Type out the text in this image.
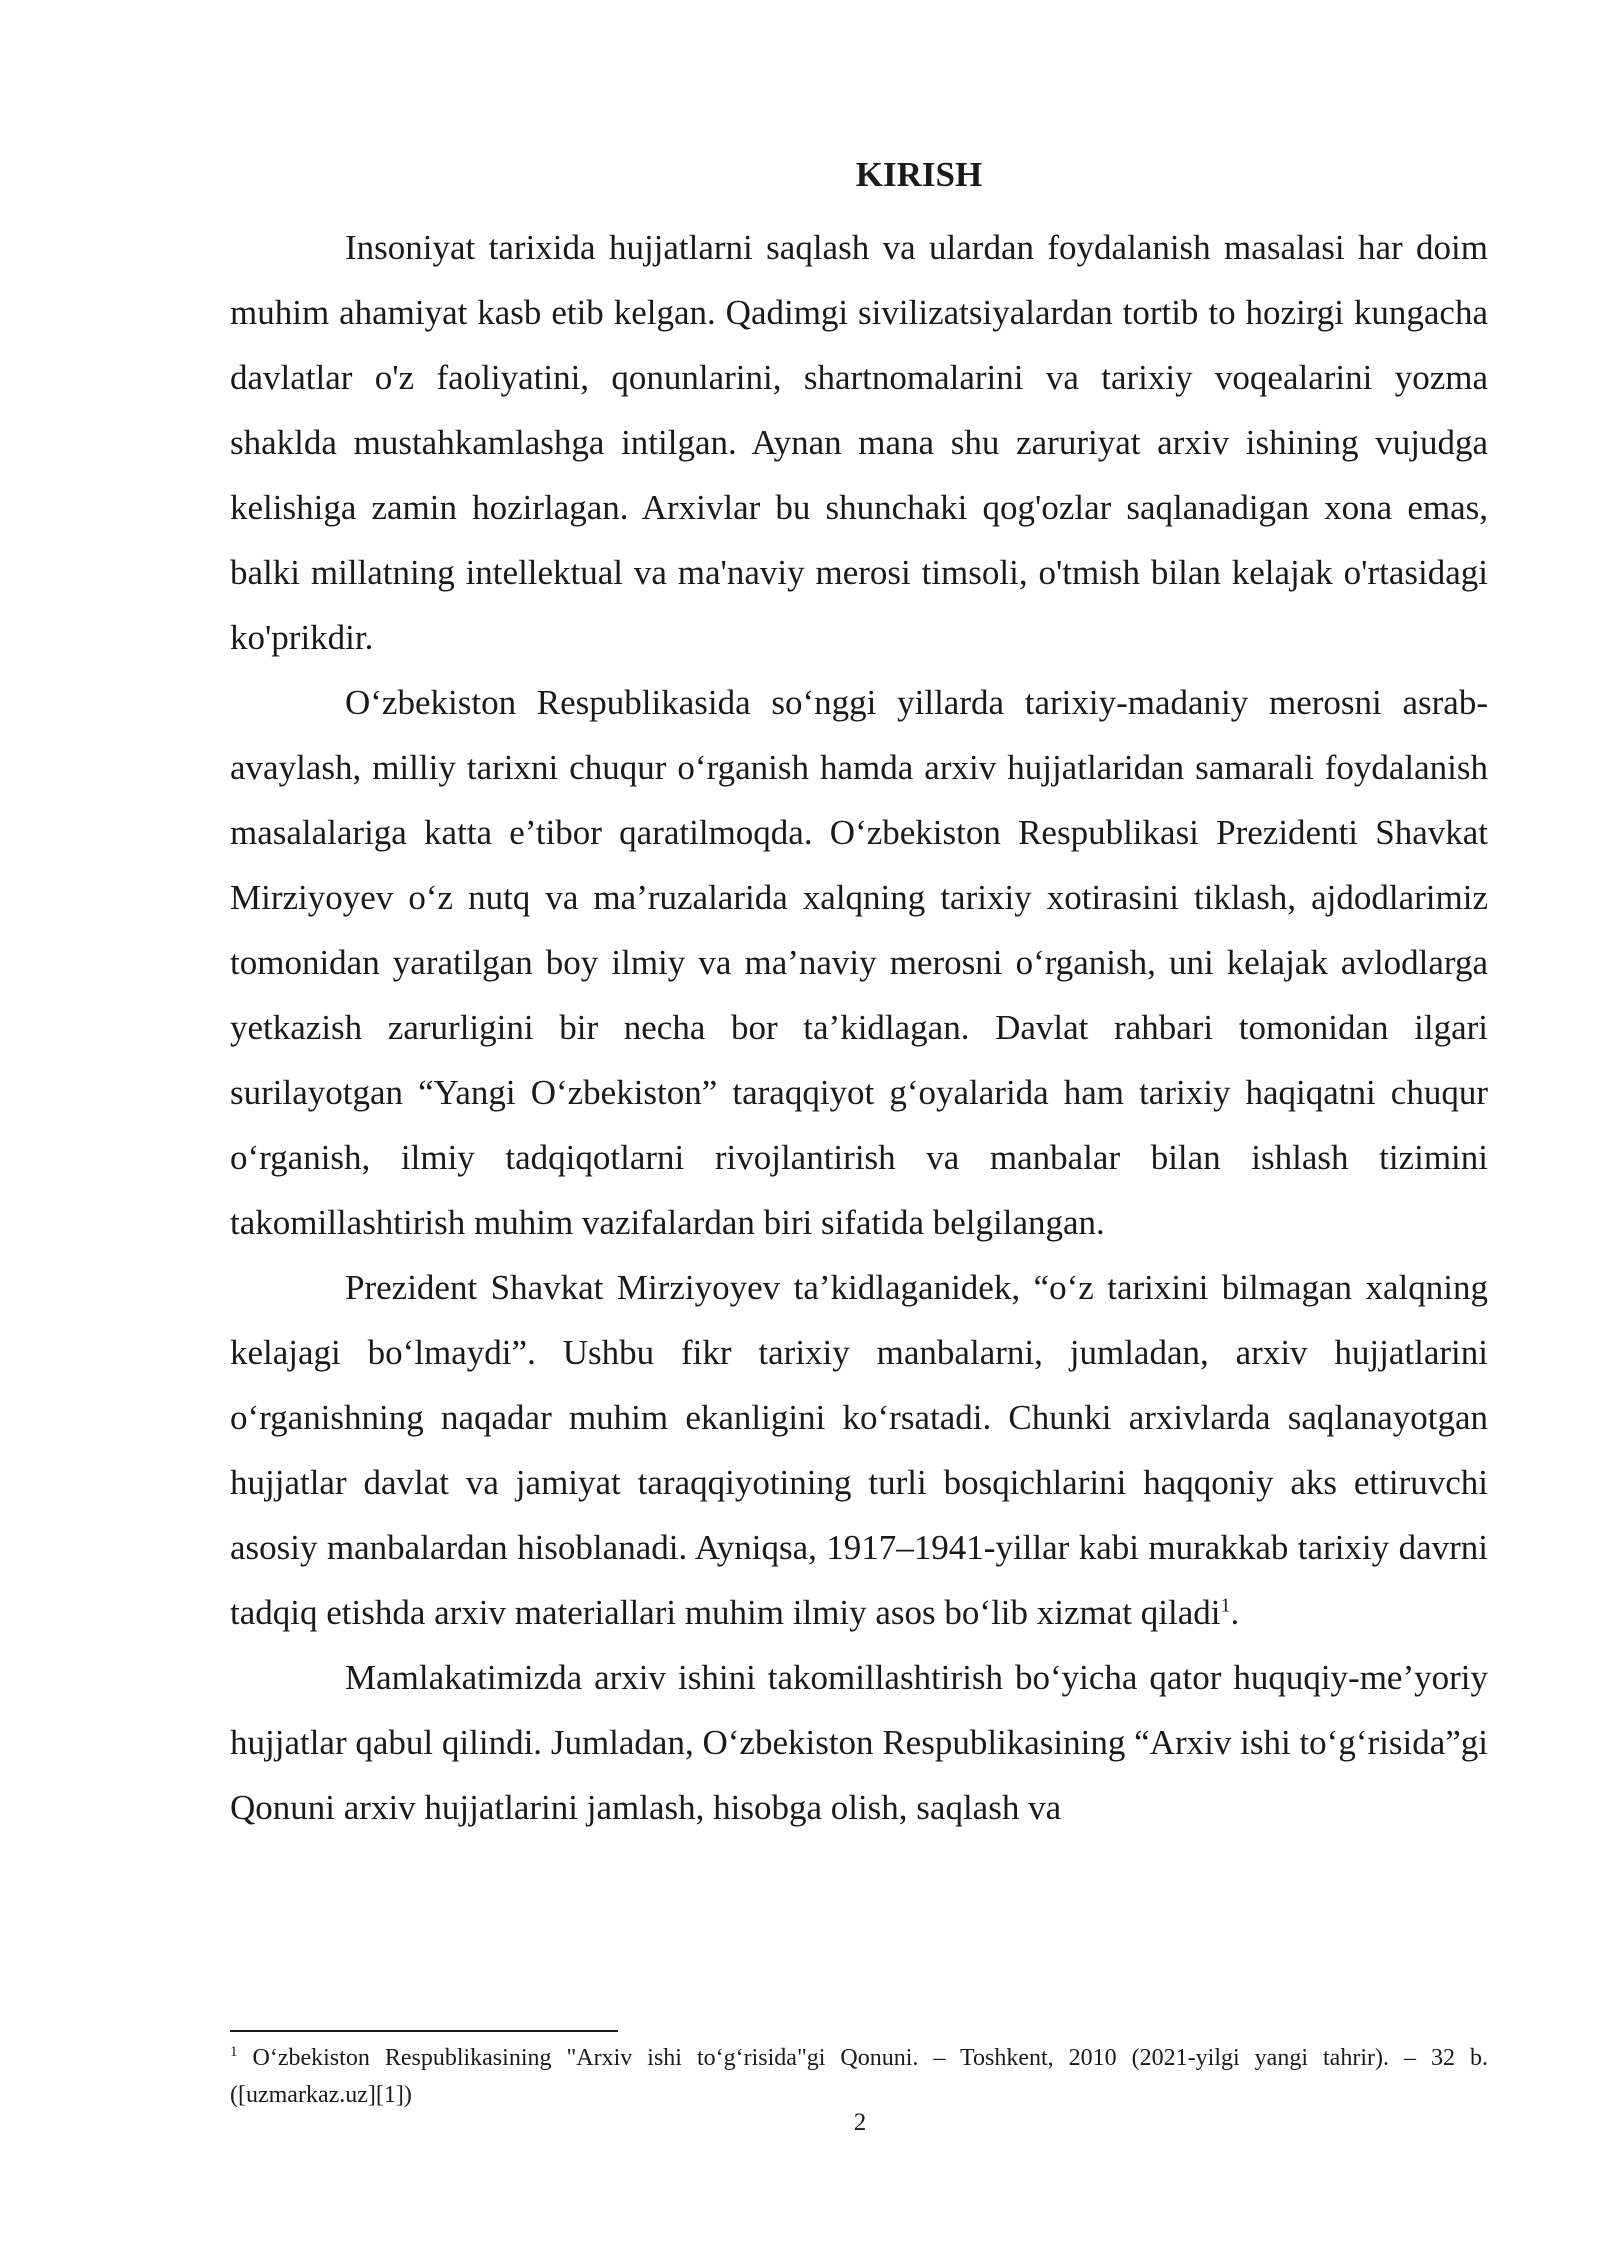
KIRISH

Insoniyat tarixida hujjatlarni saqlash va ulardan foydalanish masalasi har doim muhim ahamiyat kasb etib kelgan. Qadimgi sivilizatsiyalardan tortib to hozirgi kungacha davlatlar o'z faoliyatini, qonunlarini, shartnomalarini va tarixiy voqealarini yozma shaklda mustahkamlashga intilgan. Aynan mana shu zaruriyat arxiv ishining vujudga kelishiga zamin hozirlagan. Arxivlar bu shunchaki qog'ozlar saqlanadigan xona emas, balki millatning intellektual va ma'naviy merosi timsoli, o'tmish bilan kelajak o'rtasidagi ko'prikdir.

O‘zbekiston Respublikasida so‘nggi yillarda tarixiy-madaniy merosni asrab-avaylash, milliy tarixni chuqur o‘rganish hamda arxiv hujjatlaridan samarali foydalanish masalalariga katta e’tibor qaratilmoqda. O‘zbekiston Respublikasi Prezidenti Shavkat Mirziyoyev o‘z nutq va ma’ruzalarida xalqning tarixiy xotirasini tiklash, ajdodlarimiz tomonidan yaratilgan boy ilmiy va ma’naviy merosni o‘rganish, uni kelajak avlodlarga yetkazish zarurligini bir necha bor ta’kidlagan. Davlat rahbari tomonidan ilgari surilayotgan “Yangi O‘zbekiston” taraqqiyot g‘oyalarida ham tarixiy haqiqatni chuqur o‘rganish, ilmiy tadqiqotlarni rivojlantirish va manbalar bilan ishlash tizimini takomillashtirish muhim vazifalardan biri sifatida belgilangan.

Prezident Shavkat Mirziyoyev ta’kidlaganidek, “o‘z tarixini bilmagan xalqning kelajagi bo‘lmaydi”. Ushbu fikr tarixiy manbalarni, jumladan, arxiv hujjatlarini o‘rganishning naqadar muhim ekanligini ko‘rsatadi. Chunki arxivlarda saqlanayotgan hujjatlar davlat va jamiyat taraqqiyotining turli bosqichlarini haqqoniy aks ettiruvchi asosiy manbalardan hisoblanadi. Ayniqsa, 1917–1941-yillar kabi murakkab tarixiy davrni tadqiq etishda arxiv materiallari muhim ilmiy asos bo‘lib xizmat qiladi$^1$.

Mamlakatimizda arxiv ishini takomillashtirish bo‘yicha qator huquqiy-me’yoriy hujjatlar qabul qilindi. Jumladan, O‘zbekiston Respublikasining “Arxiv ishi to‘g‘risida”gi Qonuni arxiv hujjatlarini jamlash, hisobga olish, saqlash va

$^1$ O‘zbekiston Respublikasining "Arxiv ishi to‘g‘risida"gi Qonuni. – Toshkent, 2010 (2021-yilgi yangi tahrir). – 32 b. ([uzmarkaz.uz][1])
2
